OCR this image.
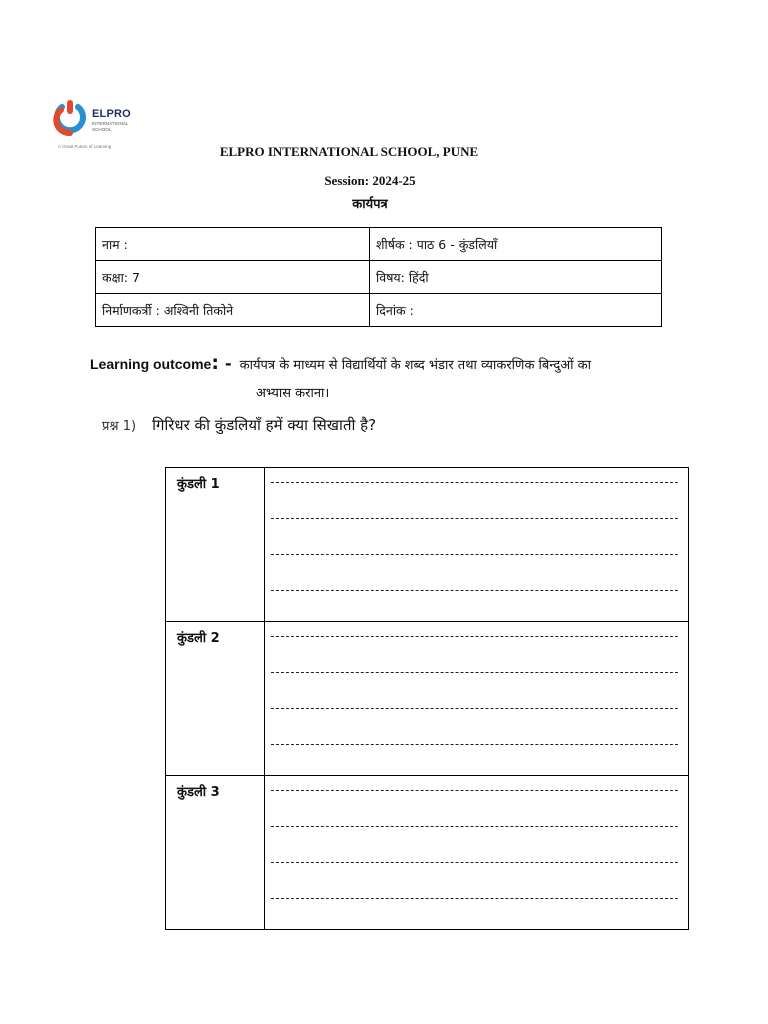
ELPRO
INTERNATIONAL SCHOOL
A Great Future of Learning	ELPRO INTERNATIONAL SCHOOL, PUNE
Session: 2024-25
कार्यपत्र
नाम :	शीर्षक : पाठ 6 - कुंडलियाँ
कक्षा: 7	विषय: हिंदी
निर्माणकर्त्री : अश्विनी तिकोने	दिनांक :
Learning outcome: - कार्यपत्र के माध्यम से विद्यार्थियों के शब्द भंडार तथा व्याकरणिक बिन्दुओं का
अभ्यास कराना।
प्रश्न 1) गिरिधर की कुंडलियाँ हमें क्या सिखाती है?
कुंडली 1	

कुंडली 2	

कुंडली 3	
